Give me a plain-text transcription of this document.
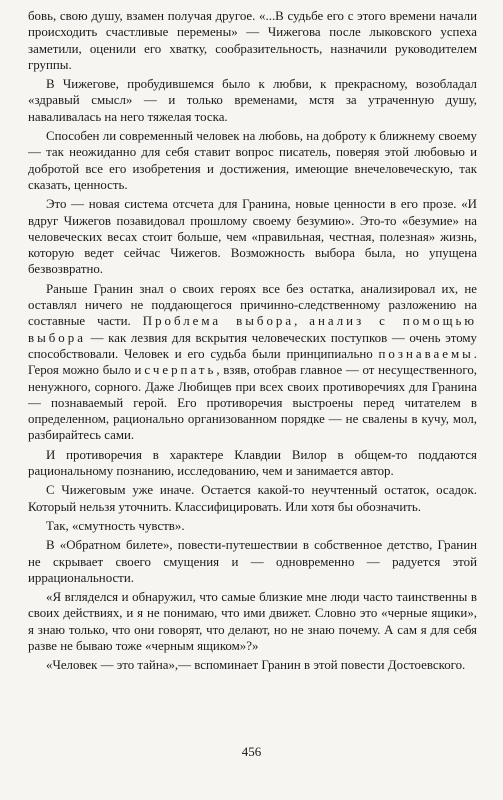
бовь, свою душу, взамен получая другое. «...В судьбе его с этого времени начали происходить счастливые перемены» — Чижегова после лыковского успеха заметили, оценили его хватку, сообразительность, назначили руководителем группы.

В Чижегове, пробудившемся было к любви, к прекрасному, возобладал «здравый смысл» — и только временами, мстя за утраченную душу, наваливалась на него тяжелая тоска.

Способен ли современный человек на любовь, на доброту к ближнему своему — так неожиданно для себя ставит вопрос писатель, поверяя этой любовью и добротой все его изобретения и достижения, имеющие внечеловеческую, так сказать, ценность.

Это — новая система отсчета для Гранина, новые ценности в его прозе. «И вдруг Чижегов позавидовал прошлому своему безумию». Это-то «безумие» на человеческих весах стоит больше, чем «правильная, честная, полезная» жизнь, которую ведет сейчас Чижегов. Возможность выбора была, но упущена безвозвратно.

Раньше Гранин знал о своих героях все без остатка, анализировал их, не оставлял ничего не поддающегося причинно-следственному разложению на составные части. Проблема выбора, анализ с помощью выбора — как лезвия для вскрытия человеческих поступков — очень этому способствовали. Человек и его судьба были принципиально познаваемы. Героя можно было исчерпать, взяв, отобрав главное — от несущественного, ненужного, сорного. Даже Любищев при всех своих противоречиях для Гранина — познаваемый герой. Его противоречия выстроены перед читателем в определенном, рационально организованном порядке — не свалены в кучу, мол, разбирайтесь сами.

И противоречия в характере Клавдии Вилор в общем-то поддаются рациональному познанию, исследованию, чем и занимается автор.

С Чижеговым уже иначе. Остается какой-то неучтенный остаток, осадок. Который нельзя уточнить. Классифицировать. Или хотя бы обозначить.

Так, «смутность чувств».

В «Обратном билете», повести-путешествии в собственное детство, Гранин не скрывает своего смущения и — одновременно — радуется этой иррациональности.

«Я вгляделся и обнаружил, что самые близкие мне люди часто таинственны в своих действиях, и я не понимаю, что ими движет. Словно это «черные ящики», я знаю только, что они говорят, что делают, но не знаю почему. А сам я для себя разве не бываю тоже «черным ящиком»?»

«Человек — это тайна»,— вспоминает Гранин в этой повести Достоевского.

456
